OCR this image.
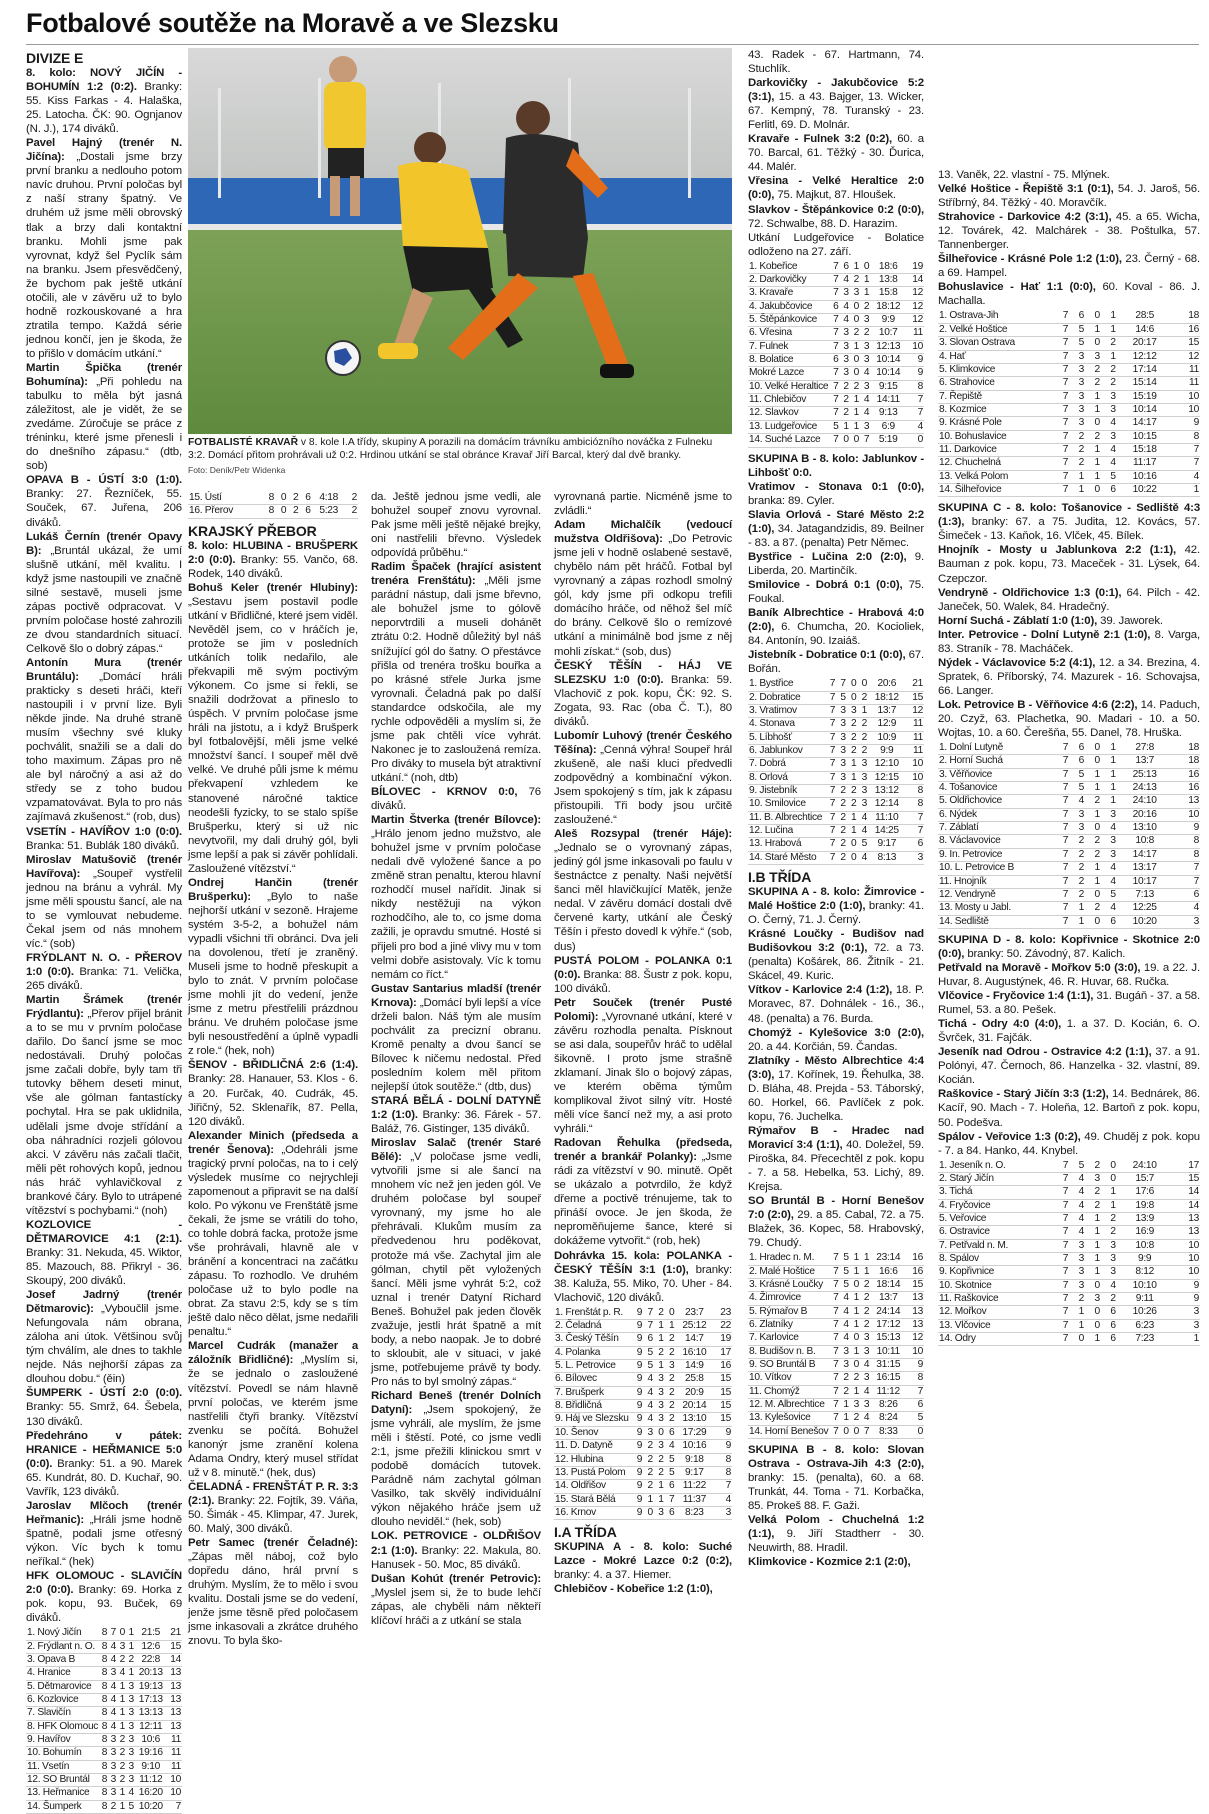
Fotbalové soutěže na Moravě a ve Slezsku

DIVIZE E

8. kolo: NOVÝ JIČÍN - BOHUMÍN 1:2 (0:2). Branky: 55. Kiss Farkas - 4. Halaška, 25. Latocha. ČK: 90. Ognjanov (N. J.), 174 diváků.

Pavel Hajný (trenér N. Jičína): „Dostali jsme brzy první branku a nedlouho potom navíc druhou. První poločas byl z naší strany špatný. Ve druhém už jsme měli obrovský tlak a brzy dali kontaktní branku. Mohli jsme pak vyrovnat, když šel Pyclík sám na branku. Jsem přesvědčený, že bychom pak ještě utkání otočili, ale v závěru už to bylo hodně rozkouskované a hra ztratila tempo. Každá série jednou končí, jen je škoda, že to přišlo v domácím utkání.“

Martin Špička (trenér Bohumína): „Při pohledu na tabulku to měla být jasná záležitost, ale je vidět, že se zvedáme. Zúročuje se práce z tréninku, které jsme přenesli i do dnešního zápasu.“ (dtb, sob)

OPAVA B - ÚSTÍ 3:0 (1:0). Branky: 27. Řezníček, 55. Souček, 67. Juřena, 206 diváků.

Lukáš Černín (trenér Opavy B): „Bruntál ukázal, že umí slušně utkání, měl kvalitu. I když jsme nastoupili ve značně silné sestavě, museli jsme zápas poctivě odpracovat. V prvním poločase hosté zahrozili ze dvou standardních situací. Celkově šlo o dobrý zápas.“

Antonín Mura (trenér Bruntálu): „Domácí hráli prakticky s deseti hráči, kteří nastoupili i v první lize. Byli někde jinde. Na druhé straně musím všechny své kluky pochválit, snažili se a dali do toho maximum. Zápas pro ně ale byl náročný a asi až do středy se z toho budou vzpamatovávat. Byla to pro nás zajímavá zkušenost.“ (rob, dus)

VSETÍN - HAVÍŘOV 1:0 (0:0). Branka: 51. Bublák 180 diváků.

Miroslav Matušovič (trenér Havířova): „Soupeř vystřelil jednou na bránu a vyhrál. My jsme měli spoustu šancí, ale na to se vymlouvat nebudeme. Čekal jsem od nás mnohem víc.“ (sob)

FRÝDLANT N. O. - PŘEROV 1:0 (0:0). Branka: 71. Velička, 265 diváků.

Martin Šrámek (trenér Frýdlantu): „Přerov přijel bránit a to se mu v prvním poločase dařilo. Do šancí jsme se moc nedostávali. Druhý poločas jsme začali dobře, byly tam tři tutovky během deseti minut, vše ale gólman fantastícky pochytal. Hra se pak uklidnila, udělali jsme dvoje střídání a oba náhradníci rozjeli gólovou akci. V závěru nás začali tlačit, měli pět rohových kopů, jednou nás hráč vyhlavičkoval z brankové čáry. Bylo to utrápené vítězství s pochybami.“ (noh)

KOZLOVICE - DĚTMAROVICE 4:1 (2:1). Branky: 31. Nekuda, 45. Wiktor, 85. Mazouch, 88. Přikryl - 36. Skoupý, 200 diváků.

Josef Jadrný (trenér Dětmarovic): „Vyboučlil jsme. Nefungovala nám obrana, záloha ani útok. Většinou svůj tým chválím, ale dnes to takhle nejde. Nás nejhorší zápas za dlouhou dobu.“ (ěin)

ŠUMPERK - ÚSTÍ 2:0 (0:0). Branky: 55. Smrž, 64. Šebela, 130 diváků.

Předehráno v pátek: HRANICE - HEŘMANICE 5:0 (0:0). Branky: 51. a 90. Marek 65. Kundrát, 80. D. Kuchař, 90. Vavřík, 123 diváků.

Jaroslav Mlčoch (trenér Heřmanic): „Hráli jsme hodně špatně, podali jsme otřesný výkon. Víc bych k tomu neříkal.“ (hek)

HFK OLOMOUC - SLAVIČÍN 2:0 (0:0). Branky: 69. Horka z pok. kopu, 93. Buček, 69 diváků.

1. Nový Jičín	8	7	0	1	21:5	21
2. Frýdlant n. O.	8	4	3	1	12:6	15
3. Opava B	8	4	2	2	22:8	14
4. Hranice	8	3	4	1	20:13	13
5. Dětmarovice	8	4	1	3	19:13	13
6. Kozlovice	8	4	1	3	17:13	13
7. Slavičín	8	4	1	3	13:13	13
8. HFK Olomouc	8	4	1	3	12:11	13
9. Havířov	8	3	2	3	10:6	11
10. Bohumín	8	3	2	3	19:16	11
11. Vsetín	8	3	2	3	9:10	11
12. SO Bruntál	8	3	2	3	11:12	10
13. Heřmanice	8	3	1	4	16:20	10
14. Šumperk	8	2	1	5	10:20	7
FOTBALISTÉ KRAVAŘ v 8. kole I.A třídy, skupiny A porazili na domácím trávníku ambiciózního nováčka z Fulneku 3:2. Domácí přitom prohrávali už 0:2. Hrdinou utkání se stal obránce Kravař Jiří Barcal, který dal dvě branky.
Foto: Deník/Petr Widenka
15. Ústí	8	0	2	6	4:18	2
16. Přerov	8	0	2	6	5:23	2

KRAJSKÝ PŘEBOR

8. kolo: HLUBINA - BRUŠPERK 2:0 (0:0). Branky: 55. Vančo, 68. Rodek, 140 diváků.

Bohuš Keler (trenér Hlubiny): „Sestavu jsem postavil podle utkání v Břidličné, které jsem viděl. Nevěděl jsem, co v hráčích je, protože se jim v posledních utkáních tolik nedařilo, ale překvapili mě svým poctivým výkonem. Co jsme si řekli, se snažili dodržovat a přineslo to úspěch. V prvním poločase jsme hráli na jistotu, a i když Brušperk byl fotbalovější, měli jsme velké množství šancí. I soupeř měl dvě velké. Ve druhé půli jsme k mému překvapení vzhledem ke stanovené náročné taktice neodešli fyzicky, to se stalo spíše Brušperku, který si už nic nevytvořil, my dali druhý gól, byli jsme lepší a pak si závěr pohlídali. Zasloužené vítězství.“

Ondrej Hančin (trenér Brušperku): „Bylo to naše nejhorší utkání v sezoně. Hrajeme systém 3-5-2, a bohužel nám vypadli všichni tři obránci. Dva jeli na dovolenou, třetí je zraněný. Museli jsme to hodně přeskupit a bylo to znát. V prvním poločase jsme mohli jít do vedení, jenže jsme z metru přestřelili prázdnou bránu. Ve druhém poločase jsme byli nesoustředění a úplně vypadli z role.“ (hek, noh)

ŠENOV - BŘIDLIČNÁ 2:6 (1:4). Branky: 28. Hanauer, 53. Klos - 6. a 20. Furčak, 40. Cudrák, 45. Jiřičný, 52. Sklenařík, 87. Pella, 120 diváků.

Alexander Minich (předseda a trenér Šenova): „Odehráli jsme tragický první poločas, na to i celý výsledek musíme co nejrychleji zapomenout a připravit se na další kolo. Po výkonu ve Frenštátě jsme čekali, že jsme se vrátili do toho, co tohle dobrá facka, protože jsme vše prohrávali, hlavně ale v bránění a koncentraci na začátku zápasu. To rozhodlo. Ve druhém poločase už to bylo podle na obrat. Za stavu 2:5, kdy se s tím ještě dalo něco dělat, jsme nedařili penaltu.“

Marcel Cudrák (manažer a záložník Břidličné): „Myslím si, že se jednalo o zasloužené vítězství. Povedl se nám hlavně první poločas, ve kterém jsme nastřelili čtyři branky. Vítězství zvenku se počítá. Bohužel kanonýr jsme zranění kolena Adama Ondry, který musel střídat už v 8. minutě.“ (hek, dus)

ČELADNÁ - FRENŠTÁT P. R. 3:3 (2:1). Branky: 22. Fojtík, 39. Váňa, 50. Šimák - 45. Klimpar, 47. Jurek, 60. Malý, 300 diváků.

Petr Samec (trenér Čeladné): „Zápas měl náboj, což bylo dopředu dáno, hrál první s druhým. Myslím, že to mělo i svou kvalitu. Dostali jsme se do vedení, jenže jsme těsně před poločasem jsme inkasovali a zkrátce druhého znovu. To byla ško-

da. Ještě jednou jsme vedli, ale bohužel soupeř znovu vyrovnal. Pak jsme měli ještě nějaké brejky, oni nastřelili břevno. Výsledek odpovídá průběhu.“

Radim Špaček (hrající asistent trenéra Frenštátu): „Měli jsme parádní nástup, dali jsme břevno, ale bohužel jsme to gólově neporvtrdili a museli dohánět ztrátu 0:2. Hodně důležitý byl náš snížující gól do šatny. O přestávce přišla od trenéra trošku bouřka a po krásné střele Jurka jsme vyrovnali. Čeladná pak po další standardce odskočila, ale my rychle odpověděli a myslím si, že jsme pak chtěli více vyhrát. Nakonec je to zasloužená remíza. Pro diváky to musela být atraktivní utkání.“ (noh, dtb)

BÍLOVEC - KRNOV 0:0, 76 diváků.

Martin Štverka (trenér Bílovce): „Hrálo jenom jedno mužstvo, ale bohužel jsme v prvním poločase nedali dvě vyložené šance a po změně stran penaltu, kterou hlavní rozhodčí musel nařídit. Jinak si nikdy nestěžuji na výkon rozhodčího, ale to, co jsme doma zažili, je opravdu smutné. Hosté si přijeli pro bod a jiné vlivy mu v tom velmi dobře asistovaly. Víc k tomu nemám co říct.“

Gustav Santarius mladší (trenér Krnova): „Domácí byli lepší a více drželi balon. Náš tým ale musím pochválit za precizní obranu. Kromě penalty a dvou šancí se Bílovec k ničemu nedostal. Před posledním kolem měl přitom nejlepší útok soutěže.“ (dtb, dus)

STARÁ BĚLÁ - DOLNÍ DATYNĚ 1:2 (1:0). Branky: 36. Fárek - 57. Baláž, 76. Gistinger, 135 diváků.

Miroslav Salač (trenér Staré Bělé): „V poločase jsme vedli, vytvořili jsme si ale šancí na mnohem víc než jen jeden gól. Ve druhém poločase byl soupeř vyrovnaný, my jsme ho ale přehrávali. Klukům musím za předvedenou hru poděkovat, protože má vše. Zachytal jim ale gólman, chytil pět vyložených šancí. Měli jsme vyhrát 5:2, což uznal i trenér Datyní Richard Beneš. Bohužel pak jeden člověk zvažuje, jestli hrát špatně a mít body, a nebo naopak. Je to dobré to skloubit, ale v situaci, v jaké jsme, potřebujeme právě ty body. Pro nás to byl smolný zápas.“

Richard Beneš (trenér Dolních Datyní): „Jsem spokojený, že jsme vyhráli, ale myslím, že jsme měli i štěstí. Poté, co jsme vedli 2:1, jsme přežili klinickou smrt v podobě domácích tutovek. Parádně nám zachytal gólman Vasilko, tak skvělý individuální výkon nějakého hráče jsem už dlouho neviděl.“ (hek, sob)

LOK. PETROVICE - OLDŘIŠOV 2:1 (1:0). Branky: 22. Makula, 80. Hanusek - 50. Moc, 85 diváků.

Dušan Kohút (trenér Petrovic): „Myslel jsem si, že to bude lehčí zápas, ale chyběli nám někteří klíčoví hráči a z utkání se stala

vyrovnaná partie. Nicméně jsme to zvládli.“

Adam Michalčík (vedoucí mužstva Oldřišova): „Do Petrovic jsme jeli v hodně oslabené sestavě, chybělo nám pět hráčů. Fotbal byl vyrovnaný a zápas rozhodl smolný gól, kdy jsme při odkopu trefili domácího hráče, od něhož šel míč do brány. Celkově šlo o remízové utkání a minimálně bod jsme z něj mohli získat.“ (sob, dus)

ČESKÝ TĚŠÍN - HÁJ VE SLEZSKU 1:0 (0:0). Branka: 59. Vlachovič z pok. kopu, ČK: 92. S. Zogata, 93. Rac (oba Č. T.), 80 diváků.

Lubomír Luhový (trenér Českého Těšína): „Cenná výhra! Soupeř hrál zkušeně, ale naši kluci předvedli zodpovědný a kombinační výkon. Jsem spokojený s tím, jak k zápasu přistoupili. Tři body jsou určitě zasloužené.“

Aleš Rozsypal (trenér Háje): „Jednalo se o vyrovnaný zápas, jediný gól jsme inkasovali po faulu v šestnáctce z penalty. Naši největší šanci měl hlavičkující Matěk, jenže nedal. V závěru domácí dostali dvě červené karty, utkání ale Český Těšín i přesto dovedl k výhře.“ (sob, dus)

PUSTÁ POLOM - POLANKA 0:1 (0:0). Branka: 88. Šustr z pok. kopu, 100 diváků.

Petr Souček (trenér Pusté Polomi): „Vyrovnané utkání, které v závěru rozhodla penalta. Písknout se asi dala, soupeřův hráč to udělal šikovně. I proto jsme strašně zklamaní. Jinak šlo o bojový zápas, ve kterém oběma týmům komplikoval život silný vítr. Hosté měli více šancí než my, a asi proto vyhráli.“

Radovan Řehulka (předseda, trenér a brankář Polanky): „Jsme rádi za vítězství v 90. minutě. Opět se ukázalo a potvrdilo, že když dřeme a poctivě trénujeme, tak to přináší ovoce. Je jen škoda, že neproměňujeme šance, které si dokážeme vytvořit.“ (rob, hek)

Dohrávka 15. kola: POLANKA - ČESKÝ TĚŠÍN 3:1 (1:0), branky: 38. Kaluža, 55. Miko, 70. Uher - 84. Vlachovič, 120 diváků.

1. Frenštát p. R.	9	7	2	0	23:7	23
2. Čeladná	9	7	1	1	25:12	22
3. Český Těšín	9	6	1	2	14:7	19
4. Polanka	9	5	2	2	16:10	17
5. L. Petrovice	9	5	1	3	14:9	16
6. Bílovec	9	4	3	2	25:8	15
7. Brušperk	9	4	3	2	20:9	15
8. Břidličná	9	4	3	2	20:14	15
9. Háj ve Slezsku	9	4	3	2	13:10	15
10. Šenov	9	3	0	6	17:29	9
11. D. Datyně	9	2	3	4	10:16	9
12. Hlubina	9	2	2	5	9:18	8
13. Pustá Polom	9	2	2	5	9:17	8
14. Oldřišov	9	2	1	6	11:22	7
15. Stará Bělá	9	1	1	7	11:37	4
16. Krnov	9	0	3	6	8:23	3

I.A TŘÍDA

SKUPINA A - 8. kolo: Suché Lazce - Mokré Lazce 0:2 (0:2), branky: 4. a 37. Hiemer.

Chlebičov - Kobeřice 1:2 (1:0),

43. Radek - 67. Hartmann, 74. Stuchlík.

Darkovičky - Jakubčovice 5:2 (3:1), 15. a 43. Bajger, 13. Wicker, 67. Kempný, 78. Turanský - 23. Ferlitl, 69. D. Molnár.

Kravaře - Fulnek 3:2 (0:2), 60. a 70. Barcal, 61. Těžký - 30. Ďurica, 44. Malér.

Vřesina - Velké Heraltice 2:0 (0:0), 75. Majkut, 87. Hloušek.

Slavkov - Štěpánkovice 0:2 (0:0), 72. Schwalbe, 88. D. Harazim.

Utkání Ludgeřovice - Bolatice odloženo na 27. září.

1. Kobeřice	7	6	1	0	18:6	19
2. Darkovičky	7	4	2	1	13:8	14
3. Kravaře	7	3	3	1	15:8	12
4. Jakubčovice	6	4	0	2	18:12	12
5. Štěpánkovice	7	4	0	3	9:9	12
6. Vřesina	7	3	2	2	10:7	11
7. Fulnek	7	3	1	3	12:13	10
8. Bolatice	6	3	0	3	10:14	9
Mokré Lazce	7	3	0	4	10:14	9
10. Velké Heraltice	7	2	2	3	9:15	8
11. Chlebičov	7	2	1	4	14:11	7
12. Slavkov	7	2	1	4	9:13	7
13. Ludgeřovice	5	1	1	3	6:9	4
14. Suché Lazce	7	0	0	7	5:19	0

SKUPINA B - 8. kolo: Jablunkov - Lihbošť 0:0.

Vratimov - Stonava 0:1 (0:0), branka: 89. Cyler.

Slavia Orlová - Staré Město 2:2 (1:0), 34. Jatagandzidis, 89. Beilner - 83. a 87. (penalta) Petr Němec.

Bystřice - Lučina 2:0 (2:0), 9. Liberda, 20. Martinčík.

Smilovice - Dobrá 0:1 (0:0), 75. Foukal.

Baník Albrechtice - Hrabová 4:0 (2:0), 6. Chumcha, 20. Kocioliek, 84. Antonín, 90. Izaiáš.

Jistebník - Dobratice 0:1 (0:0), 67. Bořán.

1. Bystřice	7	7	0	0	20:6	21
2. Dobratice	7	5	0	2	18:12	15
3. Vratimov	7	3	3	1	13:7	12
4. Stonava	7	3	2	2	12:9	11
5. Líbhošť	7	3	2	2	10:9	11
6. Jablunkov	7	3	2	2	9:9	11
7. Dobrá	7	3	1	3	12:10	10
8. Orlová	7	3	1	3	12:15	10
9. Jistebník	7	2	2	3	13:12	8
10. Smilovice	7	2	2	3	12:14	8
11. B. Albrechtice	7	2	1	4	11:10	7
12. Lučina	7	2	1	4	14:25	7
13. Hrabová	7	2	0	5	9:17	6
14. Staré Město	7	2	0	4	8:13	3

I.B TŘÍDA

SKUPINA A - 8. kolo: Žimrovice - Malé Hoštice 2:0 (1:0), branky: 41. O. Černý, 71. J. Černý.

Krásné Loučky - Budišov nad Budišovkou 3:2 (0:1), 72. a 73. (penalta) Košárek, 86. Žitník - 21. Skácel, 49. Kuric.

Vítkov - Karlovice 2:4 (1:2), 18. P. Moravec, 87. Dohnálek - 16., 36., 48. (penalta) a 76. Burda.

Chomýž - Kylešovice 3:0 (2:0), 20. a 44. Korčián, 59. Čandas.

Zlatníky - Město Albrechtice 4:4 (3:0), 17. Kořínek, 19. Řehulka, 38. D. Bláha, 48. Prejda - 53. Táborský, 60. Horkel, 66. Pavlíček z pok. kopu, 76. Juchelka.

Rýmařov B - Hradec nad Moravicí 3:4 (1:1), 40. Doležel, 59. Piroška, 84. Přecechtěl z pok. kopu - 7. a 58. Hebelka, 53. Lichý, 89. Krejsa.

SO Bruntál B - Horní Benešov 7:0 (2:0), 29. a 85. Cabal, 72. a 75. Blažek, 36. Kopec, 58. Hrabovský, 79. Chudý.

1. Hradec n. M.	7	5	1	1	23:14	16
2. Malé Hoštice	7	5	1	1	16:6	16
3. Krásné Loučky	7	5	0	2	18:14	15
4. Žimrovice	7	4	1	2	13:7	13
5. Rýmařov B	7	4	1	2	24:14	13
6. Zlatníky	7	4	1	2	17:12	13
7. Karlovice	7	4	0	3	15:13	12
8. Budišov n. B.	7	3	1	3	10:11	10
9. SO Bruntál B	7	3	0	4	31:15	9
10. Vítkov	7	2	2	3	16:15	8
11. Chomýž	7	2	1	4	11:12	7
12. M. Albrechtice	7	1	3	3	8:26	6
13. Kylešovice	7	1	2	4	8:24	5
14. Horní Benešov	7	0	0	7	8:33	0

SKUPINA B - 8. kolo: Slovan Ostrava - Ostrava-Jih 4:3 (2:0), branky: 15. (penalta), 60. a 68. Trunkát, 44. Toma - 71. Korbačka, 85. Prokeš 88. F. Gaži.

Velká Polom - Chuchelná 1:2 (1:1), 9. Jiří Stadtherr - 30. Neuwirth, 88. Hradil.

Klimkovice - Kozmice 2:1 (2:0),

13. Vaněk, 22. vlastní - 75. Mlýnek.

Velké Hoštice - Řepiště 3:1 (0:1), 54. J. Jaroš, 56. Stříbrný, 84. Těžký - 40. Moravčík.

Strahovice - Darkovice 4:2 (3:1), 45. a 65. Wicha, 12. Továrek, 42. Malchárek - 38. Poštulka, 57. Tannenberger.

Šilheřovice - Krásné Pole 1:2 (1:0), 23. Černý - 68. a 69. Hampel.

Bohuslavice - Hať 1:1 (0:0), 60. Koval - 86. J. Machalla.

1. Ostrava-Jih	7	6	0	1	28:5	18
2. Velké Hoštice	7	5	1	1	14:6	16
3. Slovan Ostrava	7	5	0	2	20:17	15
4. Hať	7	3	3	1	12:12	12
5. Klimkovice	7	3	2	2	17:14	11
6. Strahovice	7	3	2	2	15:14	11
7. Řepiště	7	3	1	3	15:19	10
8. Kozmice	7	3	1	3	10:14	10
9. Krásné Pole	7	3	0	4	14:17	9
10. Bohuslavice	7	2	2	3	10:15	8
11. Darkovice	7	2	1	4	15:18	7
12. Chuchelná	7	2	1	4	11:17	7
13. Velká Polom	7	1	1	5	10:16	4
14. Šilheřovice	7	1	0	6	10:22	1

SKUPINA C - 8. kolo: Tošanovice - Sedliště 4:3 (1:3), branky: 67. a 75. Judita, 12. Kovács, 57. Šimeček - 13. Kaňok, 16. Vlček, 45. Bílek.

Hnojník - Mosty u Jablunkova 2:2 (1:1), 42. Bauman z pok. kopu, 73. Maceček - 31. Lýsek, 64. Czepczor.

Vendryně - Oldřichovice 1:3 (0:1), 64. Pilch - 42. Janeček, 50. Walek, 84. Hradečný.

Horní Suchá - Záblatí 1:0 (1:0), 39. Jaworek.

Inter. Petrovice - Dolní Lutyně 2:1 (1:0), 8. Varga, 83. Straník - 78. Macháček.

Nýdek - Václavovice 5:2 (4:1), 12. a 34. Brezina, 4. Spratek, 6. Příborský, 74. Mazurek - 16. Schovajsa, 66. Langer.

Lok. Petrovice B - Věřňovice 4:6 (2:2), 14. Paduch, 20. Czyž, 63. Plachetka, 90. Madari - 10. a 50. Wojtas, 10. a 60. Čerešňa, 55. Danel, 78. Hruška.

1. Dolní Lutyně	7	6	0	1	27:8	18
2. Horní Suchá	7	6	0	1	13:7	18
3. Věřňovice	7	5	1	1	25:13	16
4. Tošanovice	7	5	1	1	24:13	16
5. Oldřichovice	7	4	2	1	24:10	13
6. Nýdek	7	3	1	3	20:16	10
7. Záblatí	7	3	0	4	13:10	9
8. Václavovice	7	2	2	3	10:8	8
9. In. Petrovice	7	2	2	3	14:17	8
10. L. Petrovice B	7	2	1	4	13:17	7
11. Hnojník	7	2	1	4	10:17	7
12. Vendryně	7	2	0	5	7:13	6
13. Mosty u Jabl.	7	1	2	4	12:25	4
14. Sedliště	7	1	0	6	10:20	3

SKUPINA D - 8. kolo: Kopřivnice - Skotnice 2:0 (0:0), branky: 50. Závodný, 87. Kalich.

Petřvald na Moravě - Mořkov 5:0 (3:0), 19. a 22. J. Huvar, 8. Augustýnek, 46. R. Huvar, 68. Ručka.

Vlčovice - Fryčovice 1:4 (1:1), 31. Bugáň - 37. a 58. Rumel, 53. a 80. Pešek.

Tichá - Odry 4:0 (4:0), 1. a 37. D. Kocián, 6. O. Švrček, 31. Fajčák.

Jeseník nad Odrou - Ostravice 4:2 (1:1), 37. a 91. Polónyi, 47. Černoch, 86. Hanzelka - 32. vlastní, 89. Kocián.

Raškovice - Starý Jičín 3:3 (1:2), 14. Bednárek, 86. Kacíř, 90. Mach - 7. Holeňa, 12. Bartoň z pok. kopu, 50. Podešva.

Spálov - Veřovice 1:3 (0:2), 49. Chuděj z pok. kopu - 7. a 84. Hanko, 44. Knybel.

1. Jeseník n. O.	7	5	2	0	24:10	17
2. Starý Jičín	7	4	3	0	15:7	15
3. Tichá	7	4	2	1	17:6	14
4. Fryčovice	7	4	2	1	19:8	14
5. Veřovice	7	4	1	2	13:9	13
6. Ostravice	7	4	1	2	16:9	13
7. Petřvald n. M.	7	3	1	3	10:8	10
8. Spálov	7	3	1	3	9:9	10
9. Kopřivnice	7	3	1	3	8:12	10
10. Skotnice	7	3	0	4	10:10	9
11. Raškovice	7	2	3	2	9:11	9
12. Mořkov	7	1	0	6	10:26	3
13. Vlčovice	7	1	0	6	6:23	3
14. Odry	7	0	1	6	7:23	1
